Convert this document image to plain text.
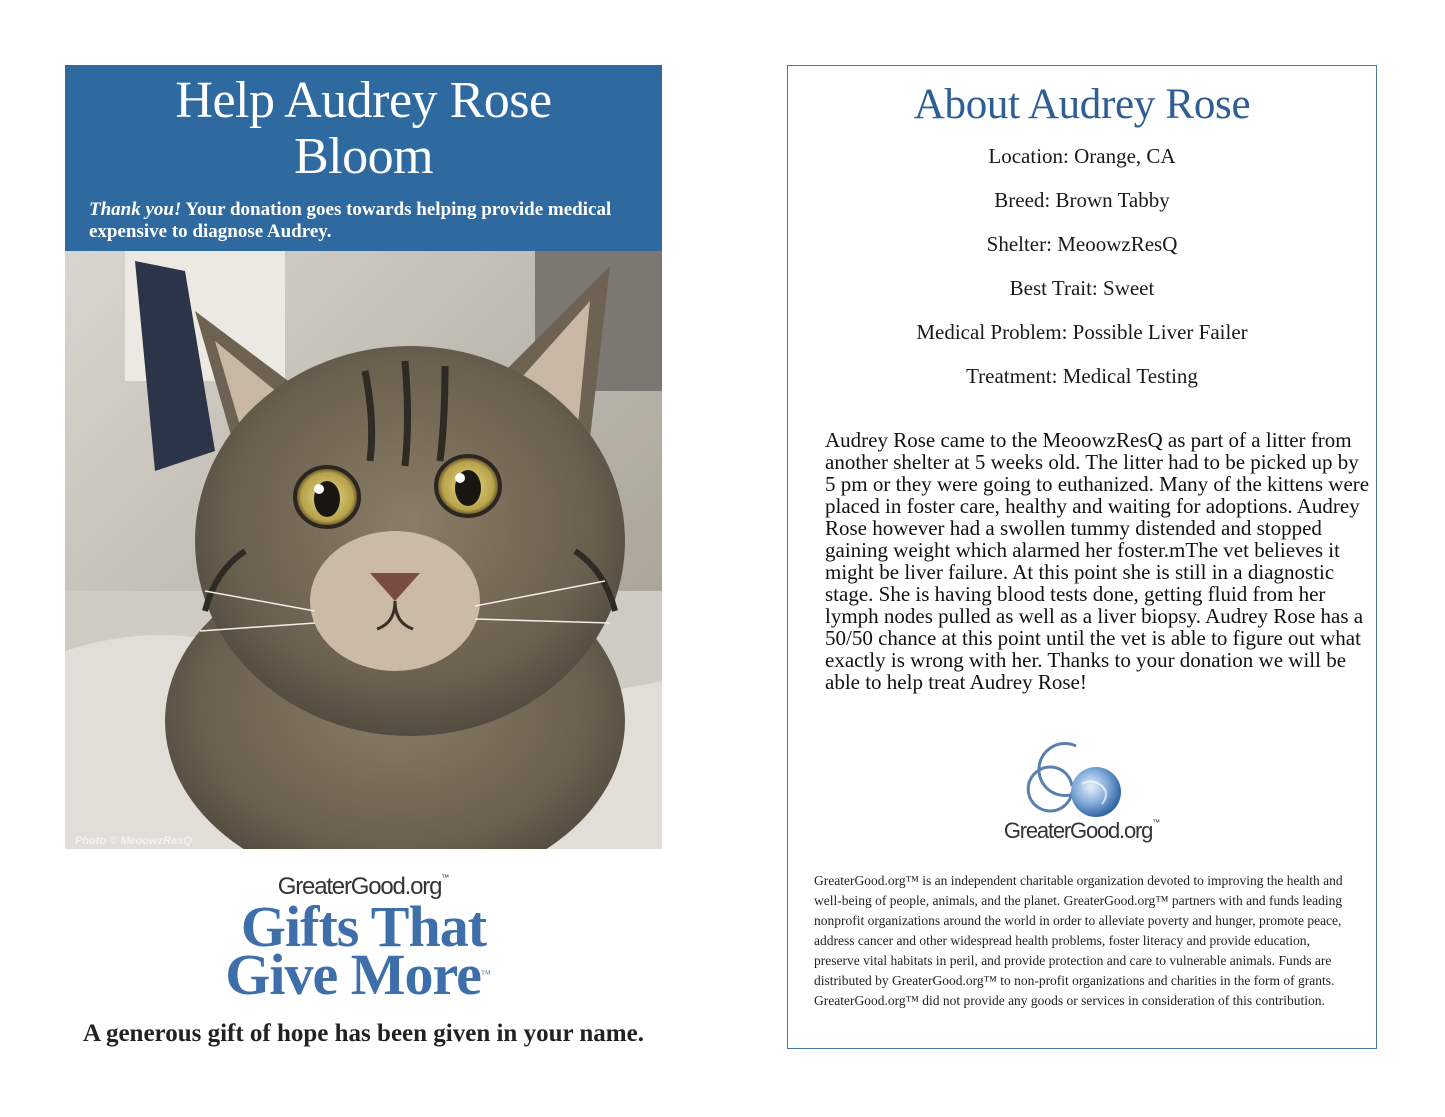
Help Audrey Rose
Bloom
Thank you! Your donation goes towards helping provide medical expensive to diagnose Audrey.
Photo © MeoowzResQ
GreaterGood.org™
Gifts That
Give More™
A generous gift of hope has been given in your name.
About Audrey Rose
Location: Orange, CA
Breed: Brown Tabby
Shelter: MeoowzResQ
Best Trait: Sweet
Medical Problem: Possible Liver Failer
Treatment: Medical Testing
Audrey Rose came to the MeoowzResQ as part of a litter from another shelter at 5 weeks old. The litter had to be picked up by 5 pm or they were going to euthanized. Many of the kittens were placed in foster care, healthy and waiting for adoptions. Audrey Rose however had a swollen tummy distended and stopped gaining weight which alarmed her foster.mThe vet believes it might be liver failure. At this point she is still in a diagnostic stage. She is having blood tests done, getting fluid from her lymph nodes pulled as well as a liver biopsy. Audrey Rose has a 50/50 chance at this point until the vet is able to figure out what exactly is wrong with her. Thanks to your donation we will be able to help treat Audrey Rose!
GreaterGood.org™
GreaterGood.org™ is an independent charitable organization devoted to improving the health and well-being of people, animals, and the planet. GreaterGood.org™ partners with and funds leading nonprofit organizations around the world in order to alleviate poverty and hunger, promote peace, address cancer and other widespread health problems, foster literacy and provide education, preserve vital habitats in peril, and provide protection and care to vulnerable animals. Funds are distributed by GreaterGood.org™ to non-profit organizations and charities in the form of grants. GreaterGood.org™ did not provide any goods or services in consideration of this contribution.
